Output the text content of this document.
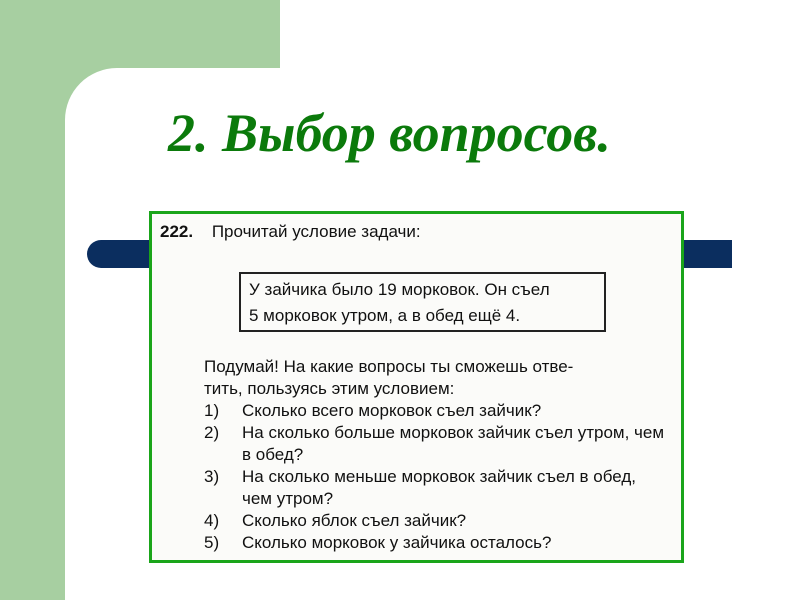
2. Выбор вопросов.
222. Прочитай условие задачи:
У зайчика было 19 морковок. Он съел
5 морковок утром, а в обед ещё 4.
Подумай! На какие вопросы ты сможешь отве-
тить, пользуясь этим условием:
1)	Сколько всего морковок съел зайчик?
2)	На сколько больше морковок зайчик съел утром, чем в обед?
3)	На сколько меньше морковок зайчик съел в обед, чем утром?
4)	Сколько яблок съел зайчик?
5)	Сколько морковок у зайчика осталось?
